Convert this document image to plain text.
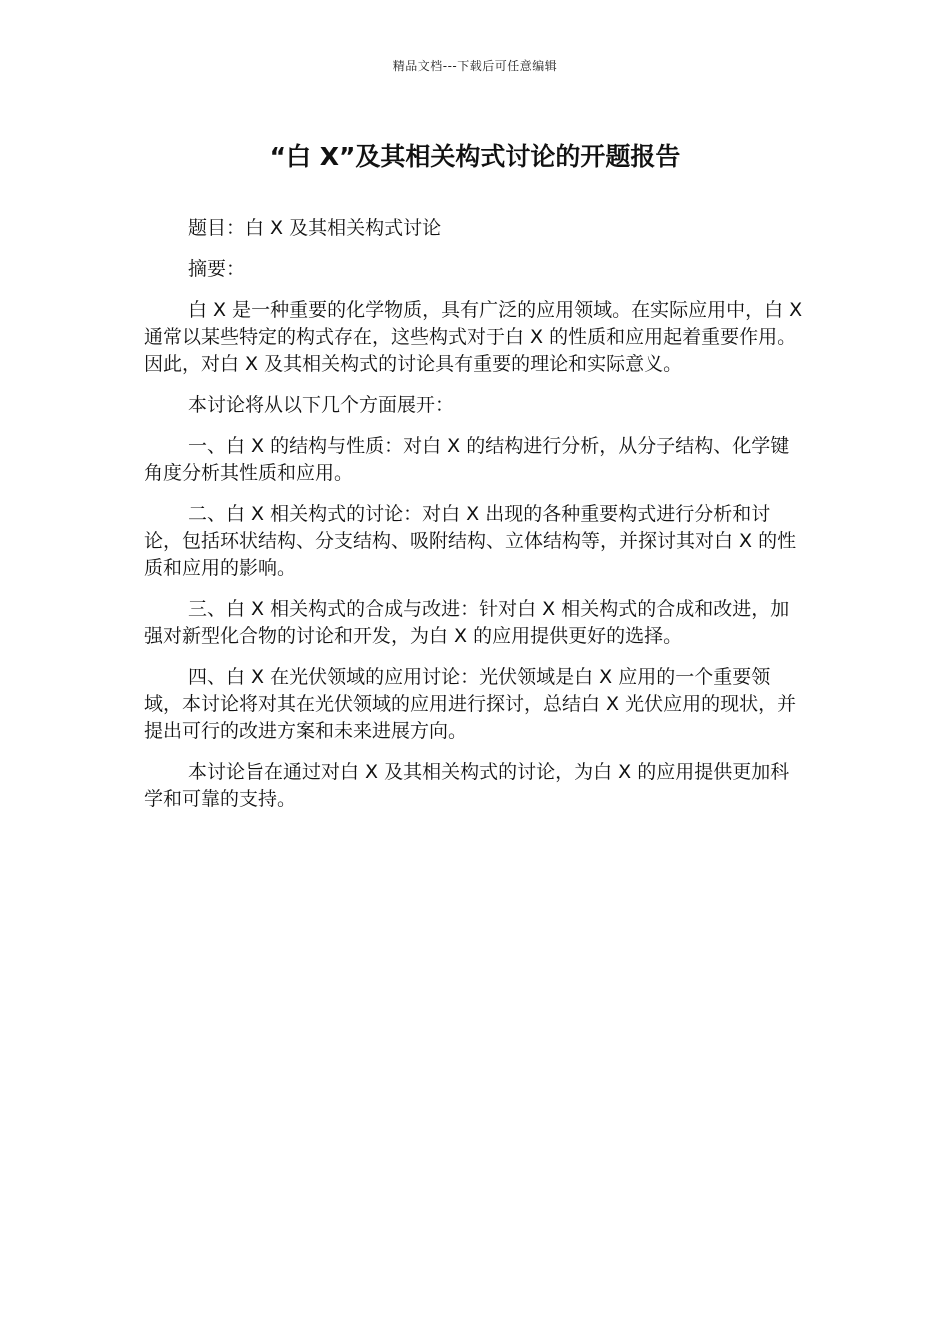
精品文档---下载后可任意编辑
“白 X”及其相关构式讨论的开题报告

题目：白 X 及其相关构式讨论

摘要：

白 X 是一种重要的化学物质，具有广泛的应用领域。在实际应用中，白 X 通常以某些特定的构式存在，这些构式对于白 X 的性质和应用起着重要作用。因此，对白 X 及其相关构式的讨论具有重要的理论和实际意义。

本讨论将从以下几个方面展开：

一、白 X 的结构与性质：对白 X 的结构进行分析，从分子结构、化学键角度分析其性质和应用。

二、白 X 相关构式的讨论：对白 X 出现的各种重要构式进行分析和讨论，包括环状结构、分支结构、吸附结构、立体结构等，并探讨其对白 X 的性质和应用的影响。

三、白 X 相关构式的合成与改进：针对白 X 相关构式的合成和改进，加强对新型化合物的讨论和开发，为白 X 的应用提供更好的选择。

四、白 X 在光伏领域的应用讨论：光伏领域是白 X 应用的一个重要领域，本讨论将对其在光伏领域的应用进行探讨，总结白 X 光伏应用的现状，并提出可行的改进方案和未来进展方向。

本讨论旨在通过对白 X 及其相关构式的讨论，为白 X 的应用提供更加科学和可靠的支持。
